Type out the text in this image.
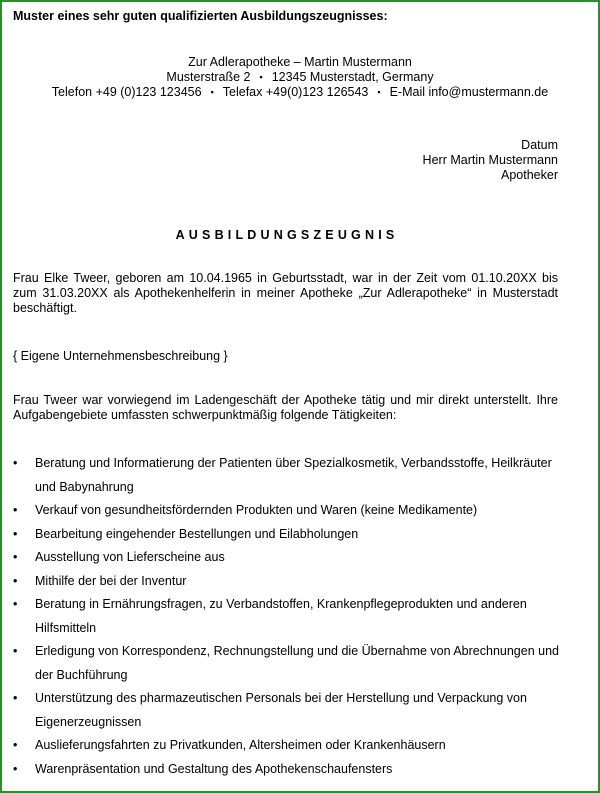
Muster eines sehr guten qualifizierten Ausbildungszeugnisses:
Zur Adlerapotheke – Martin Mustermann
Musterstraße 2 ▪ 12345 Musterstadt, Germany
Telefon +49 (0)123 123456 ▪ Telefax +49(0)123 126543 ▪ E-Mail info@mustermann.de
Datum
Herr Martin Mustermann
Apotheker
AUSBILDUNGSZEUGNIS
Frau Elke Tweer, geboren am 10.04.1965 in Geburtsstadt, war in der Zeit vom 01.10.20XX bis zum 31.03.20XX als Apothekenhelferin in meiner Apotheke „Zur Adlerapotheke“ in Musterstadt beschäftigt.
{ Eigene Unternehmensbeschreibung }
Frau Tweer war vorwiegend im Ladengeschäft der Apotheke tätig und mir direkt unterstellt. Ihre Aufgabengebiete umfassten schwerpunktmäßig folgende Tätigkeiten:
• Beratung und Informatierung der Patienten über Spezialkosmetik, Verbandsstoffe, Heilkräuter und Babynahrung
• Verkauf von gesundheitsfördernden Produkten und Waren (keine Medikamente)
• Bearbeitung eingehender Bestellungen und Eilabholungen
• Ausstellung von Lieferscheine aus
• Mithilfe der bei der Inventur
• Beratung in Ernährungsfragen, zu Verbandstoffen, Krankenpflegeprodukten und anderen Hilfsmitteln
• Erledigung von Korrespondenz, Rechnungstellung und die Übernahme von Abrechnungen und der Buchführung
• Unterstützung des pharmazeutischen Personals bei der Herstellung und Verpackung von Eigenerzeugnissen
• Auslieferungsfahrten zu Privatkunden, Altersheimen oder Krankenhäusern
• Warenpräsentation und Gestaltung des Apothekenschaufensters
